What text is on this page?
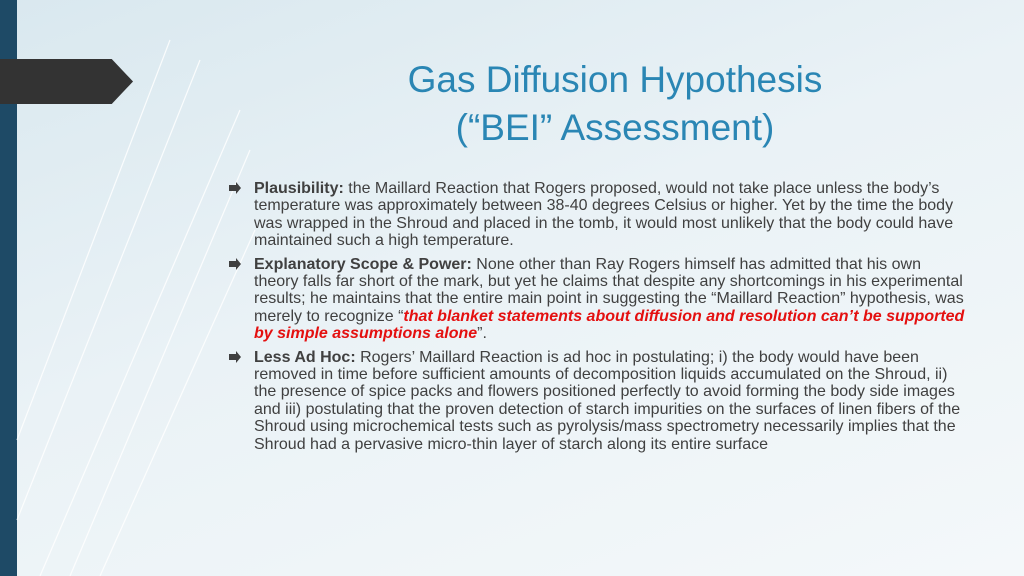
Gas Diffusion Hypothesis
(“BEI” Assessment)
Plausibility: the Maillard Reaction that Rogers proposed, would not take place unless the body’s temperature was approximately between 38-40 degrees Celsius or higher. Yet by the time the body was wrapped in the Shroud and placed in the tomb, it would most unlikely that the body could have maintained such a high temperature.
Explanatory Scope & Power: None other than Ray Rogers himself has admitted that his own theory falls far short of the mark, but yet he claims that despite any shortcomings in his experimental results; he maintains that the entire main point in suggesting the “Maillard Reaction” hypothesis, was merely to recognize “that blanket statements about diffusion and resolution can’t be supported by simple assumptions alone”.
Less Ad Hoc: Rogers’ Maillard Reaction is ad hoc in postulating; i) the body would have been removed in time before sufficient amounts of decomposition liquids accumulated on the Shroud, ii) the presence of spice packs and flowers positioned perfectly to avoid forming the body side images and iii) postulating that the proven detection of starch impurities on the surfaces of linen fibers of the Shroud using microchemical tests such as pyrolysis/mass spectrometry necessarily implies that the Shroud had a pervasive micro-thin layer of starch along its entire surface
